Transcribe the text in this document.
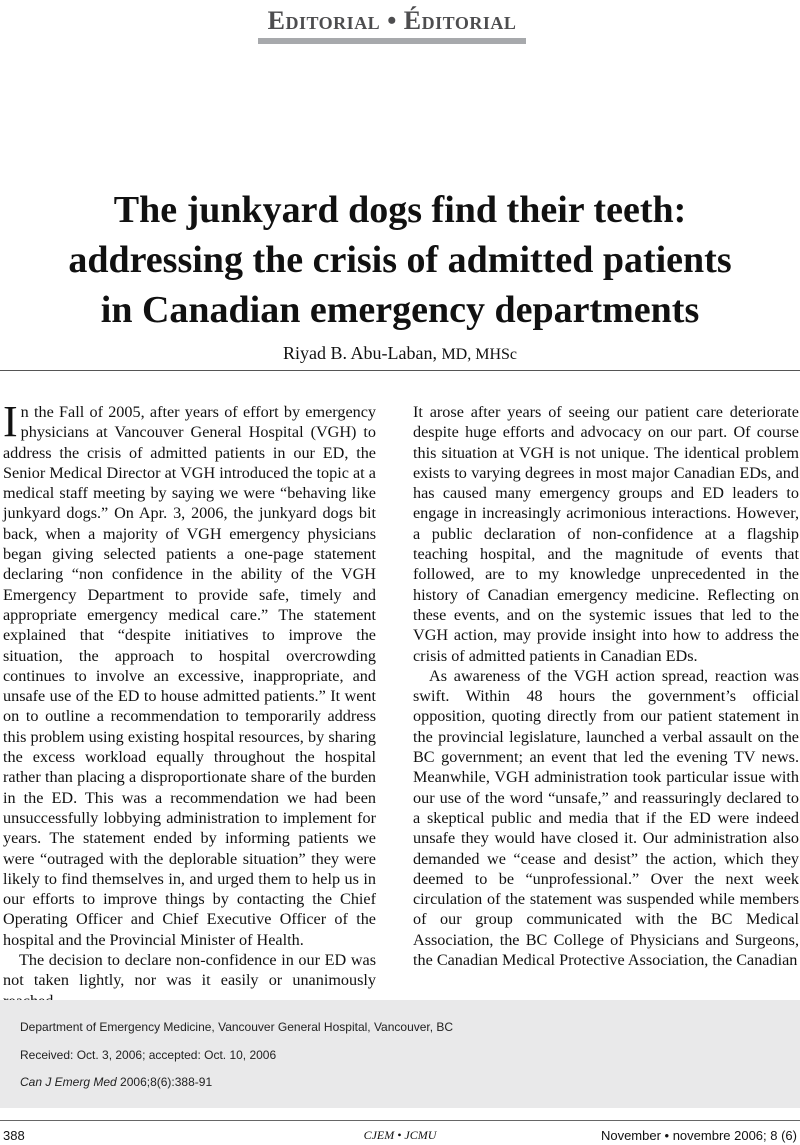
Editorial • Éditorial
The junkyard dogs find their teeth:
addressing the crisis of admitted patients
in Canadian emergency departments
Riyad B. Abu-Laban, MD, MHSc

In the Fall of 2005, after years of effort by emergency physicians at Vancouver General Hospital (VGH) to address the crisis of admitted patients in our ED, the Senior Medical Director at VGH introduced the topic at a medical staff meeting by saying we were “behaving like junkyard dogs.” On Apr. 3, 2006, the junkyard dogs bit back, when a majority of VGH emergency physicians began giving selected patients a one-page statement declaring “non confidence in the ability of the VGH Emergency Department to provide safe, timely and appropriate emergency medical care.” The statement explained that “despite initiatives to improve the situation, the approach to hospital overcrowding continues to involve an excessive, inappropriate, and unsafe use of the ED to house admitted patients.” It went on to outline a recommendation to temporarily address this problem using existing hospital resources, by sharing the excess workload equally throughout the hospital rather than placing a disproportionate share of the burden in the ED. This was a recommendation we had been unsuccessfully lobbying administration to implement for years. The statement ended by informing patients we were “outraged with the deplorable situation” they were likely to find themselves in, and urged them to help us in our efforts to improve things by contacting the Chief Operating Officer and Chief Executive Officer of the hospital and the Provincial Minister of Health.

The decision to declare non-confidence in our ED was not taken lightly, nor was it easily or unanimously

It arose after years of seeing our patient care deteriorate despite huge efforts and advocacy on our part. Of course this situation at VGH is not unique. The identical problem exists to varying degrees in most major Canadian EDs, and has caused many emergency groups and ED leaders to engage in increasingly acrimonious interactions. However, a public declaration of non-confidence at a flagship teaching hospital, and the magnitude of events that followed, are to my knowledge unprecedented in the history of Canadian emergency medicine. Reflecting on these events, and on the systemic issues that led to the VGH action, may provide insight into how to address the crisis of admitted patients in Canadian EDs.

As awareness of the VGH action spread, reaction was swift. Within 48 hours the government’s official opposition, quoting directly from our patient statement in the provincial legislature, launched a verbal assault on the BC government; an event that led the evening TV news. Meanwhile, VGH administration took particular issue with our use of the word “unsafe,” and reassuringly declared to a skeptical public and media that if the ED were indeed unsafe they would have closed it. Our administration also demanded we “cease and desist” the action, which they deemed to be “unprofessional.” Over the next week circulation of the statement was suspended while members of our group communicated with the BC Medical Association, the BC College of Physicians and Surgeons, the Canadian Medical Protective Association, the Canadian

Department of Emergency Medicine, Vancouver General Hospital, Vancouver, BC
Received: Oct. 3, 2006; accepted: Oct. 10, 2006
Can J Emerg Med 2006;8(6):388-91
388	CJEM • JCMU	November • novembre 2006; 8 (6)
